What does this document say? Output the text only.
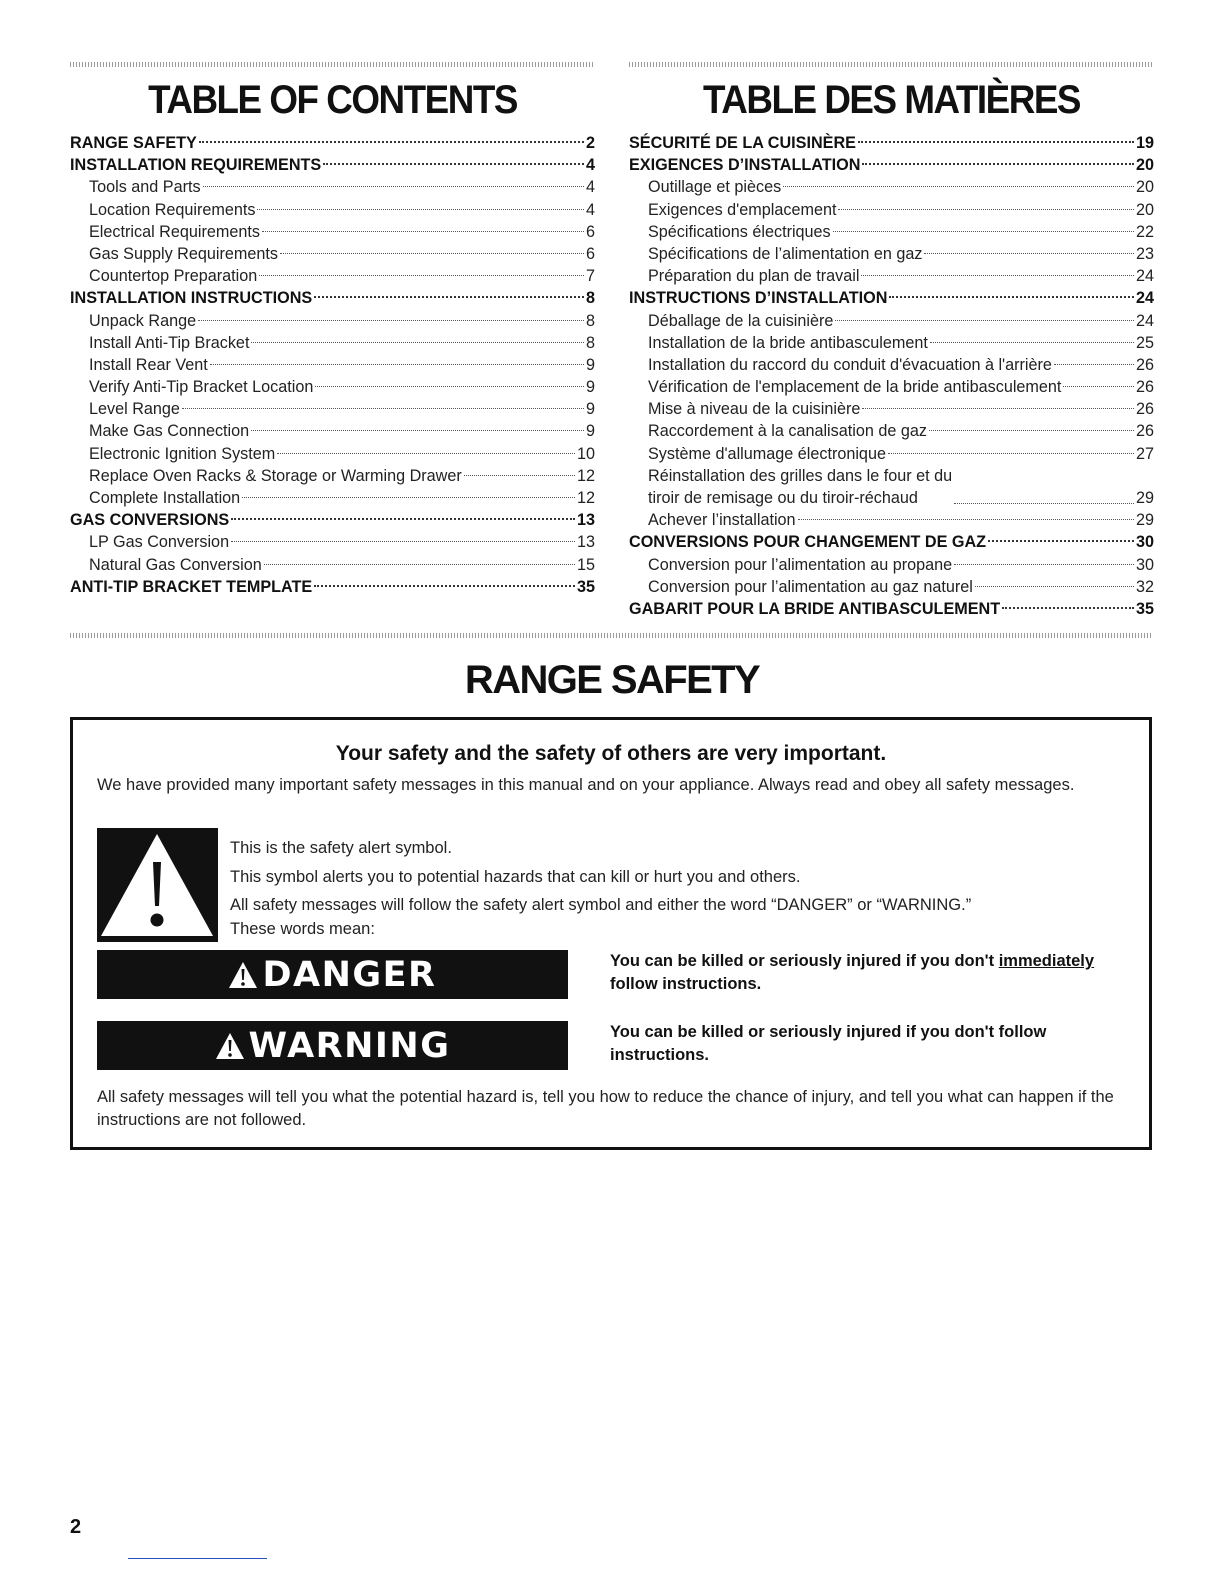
TABLE OF CONTENTS
RANGE SAFETY	2
INSTALLATION REQUIREMENTS	4
Tools and Parts	4
Location Requirements	4
Electrical Requirements	6
Gas Supply Requirements	6
Countertop Preparation	7
INSTALLATION INSTRUCTIONS	8
Unpack Range	8
Install Anti-Tip Bracket	8
Install Rear Vent	9
Verify Anti-Tip Bracket Location	9
Level Range	9
Make Gas Connection	9
Electronic Ignition System	10
Replace Oven Racks & Storage or Warming Drawer	12
Complete Installation	12
GAS CONVERSIONS	13
LP Gas Conversion	13
Natural Gas Conversion	15
ANTI-TIP BRACKET TEMPLATE	35
TABLE DES MATIÈRES
SÉCURITÉ DE LA CUISINÈRE	19
EXIGENCES D’INSTALLATION	20
Outillage et pièces	20
Exigences d'emplacement	20
Spécifications électriques	22
Spécifications de l’alimentation en gaz	23
Préparation du plan de travail	24
INSTRUCTIONS D’INSTALLATION	24
Déballage de la cuisinière	24
Installation de la bride antibasculement	25
Installation du raccord du conduit d'évacuation à l'arrière	26
Vérification de l'emplacement de la bride antibasculement	26
Mise à niveau de la cuisinière	26
Raccordement à la canalisation de gaz	26
Système d'allumage électronique	27
Réinstallation des grilles dans le four et du
tiroir de remisage ou du tiroir-réchaud	29
Achever l’installation	29
CONVERSIONS POUR CHANGEMENT DE GAZ	30
Conversion pour l’alimentation au propane	30
Conversion pour l’alimentation au gaz naturel	32
GABARIT POUR LA BRIDE ANTIBASCULEMENT	35
RANGE SAFETY
Your safety and the safety of others are very important.

We have provided many important safety messages in this manual and on your appliance. Always read and obey all safety messages.

This is the safety alert symbol.
This symbol alerts you to potential hazards that can kill or hurt you and others.
All safety messages will follow the safety alert symbol and either the word “DANGER” or “WARNING.”
These words mean:
DANGER	You can be killed or seriously injured if you don't immediately follow instructions.
WARNING	You can be killed or seriously injured if you don't follow instructions.

All safety messages will tell you what the potential hazard is, tell you how to reduce the chance of injury, and tell you what can happen if the instructions are not followed.

2
